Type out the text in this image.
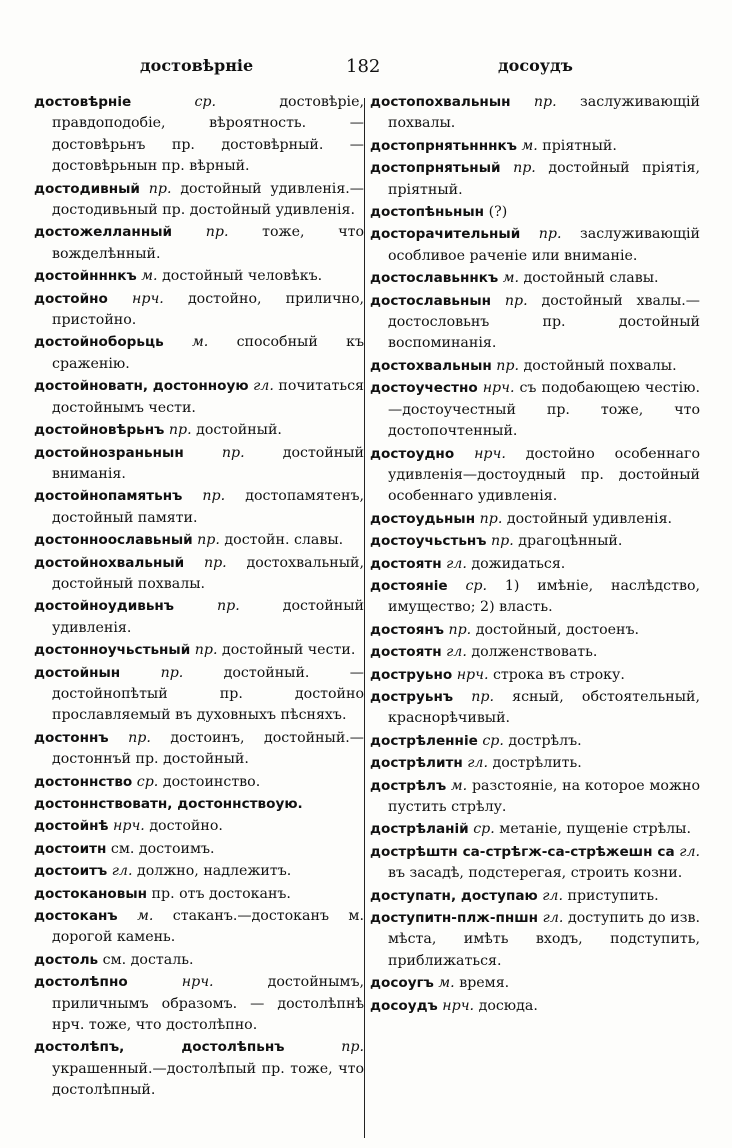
достовѣрніе	182	досоудъ
достовѣрніе	ср.	достовѣріе, правдоподобіе, вѣроятность. — достовѣрьнъ пр. достовѣрный. — достовѣрьнын пр. вѣрный.
достодивный пр. достойный удивленія.—достодивьный пр. достойный удивленія.
достожелланный пр. тоже, что вожделѣнный.
достойнннкъ м. достойный человѣкъ.
достойно нрч. достойно, прилично, пристойно.
достойноборьць м. способный къ сраженію.
достойноватн, достонноую гл. почитаться достойнымъ чести.
достойновѣрьнъ пр. достойный.
достойнозраньнын	пр.	достойный вниманія.
достойнопамятьнъ пр. достопамятенъ, достойный памяти.
достонноославьный пр. достойн. славы.
достойнохвальный пр. достохвальный, достойный похвалы.
достойноудивьнъ	пр.	достойный удивленія.
достонноучьстьный пр. достойный чести.
достойнын	пр.	достойный. — достойнопѣтый пр. достойно прославляемый въ духовныхъ пѣсняхъ.
достоннъ пр. достоинъ, достойный.— достоннъй пр. достойный.
достоннство ср. достоинство.
достоннствоватн, достоннствоую.
достойнѣ нрч. достойно.
достоитн см. достоимъ.
достоитъ гл. должно, надлежитъ.
достокановын пр. отъ достоканъ.
достоканъ м. стаканъ.—достоканъ м. дорогой камень.
достоль см. досталь.
достолѣпно	нрч.	достойнымъ, приличнымъ образомъ. — достолѣпнѣ нрч. тоже, что достолѣпно.
достолѣпъ, достолѣпьнъ	пр. украшенный.—достолѣпый пр. тоже, что достолѣпный.
достопохвальнын пр. заслуживающій похвалы.
достопрнятьнннкъ м. пріятный.
достопрнятьный пр. достойный пріятія, пріятный.
достопѣньнын (?)
досторачительный пр. заслуживающій особливое раченіе или вниманіе.
достославьннкъ м. достойный славы.
достославьнын пр. достойный хвалы.—достословьнъ пр. достойный воспоминанія.
достохвальнын пр. достойный похвалы.
достоучестно нрч. съ подобающею честію.—достоучестный пр. тоже, что достопочтенный.
достоудно нрч. достойно особеннаго удивленія—достоудный пр. достойный особеннаго удивленія.
достоудьнын пр. достойный удивленія.
достоучьстьнъ пр. драгоцѣнный.
достоятн гл. дожидаться.
достояніе ср. 1) имѣніе, наслѣдство, имущество; 2) власть.
достоянъ пр. достойный, достоенъ.
достоятн гл. долженствовать.
доструьно нрч. строка въ строку.
доструьнъ пр. ясный, обстоятельный, краснорѣчивый.
дострѣленніе ср. дострѣлъ.
дострѣлитн гл. дострѣлить.
дострѣлъ м. разстояніе, на которое можно пустить стрѣлу.
дострѣланій ср. метаніе, пущеніе стрѣлы.
дострѣштн са-стрѣгж-са-стрѣжешн са гл. въ засадѣ, подстерегая, строить козни.
доступатн, доступаю гл. приступить.
доступитн-плж-пншн гл. доступить до изв. мѣста, имѣть входъ, подступить, приближаться.
досоугъ м. время.
досоудъ нрч. досюда.
